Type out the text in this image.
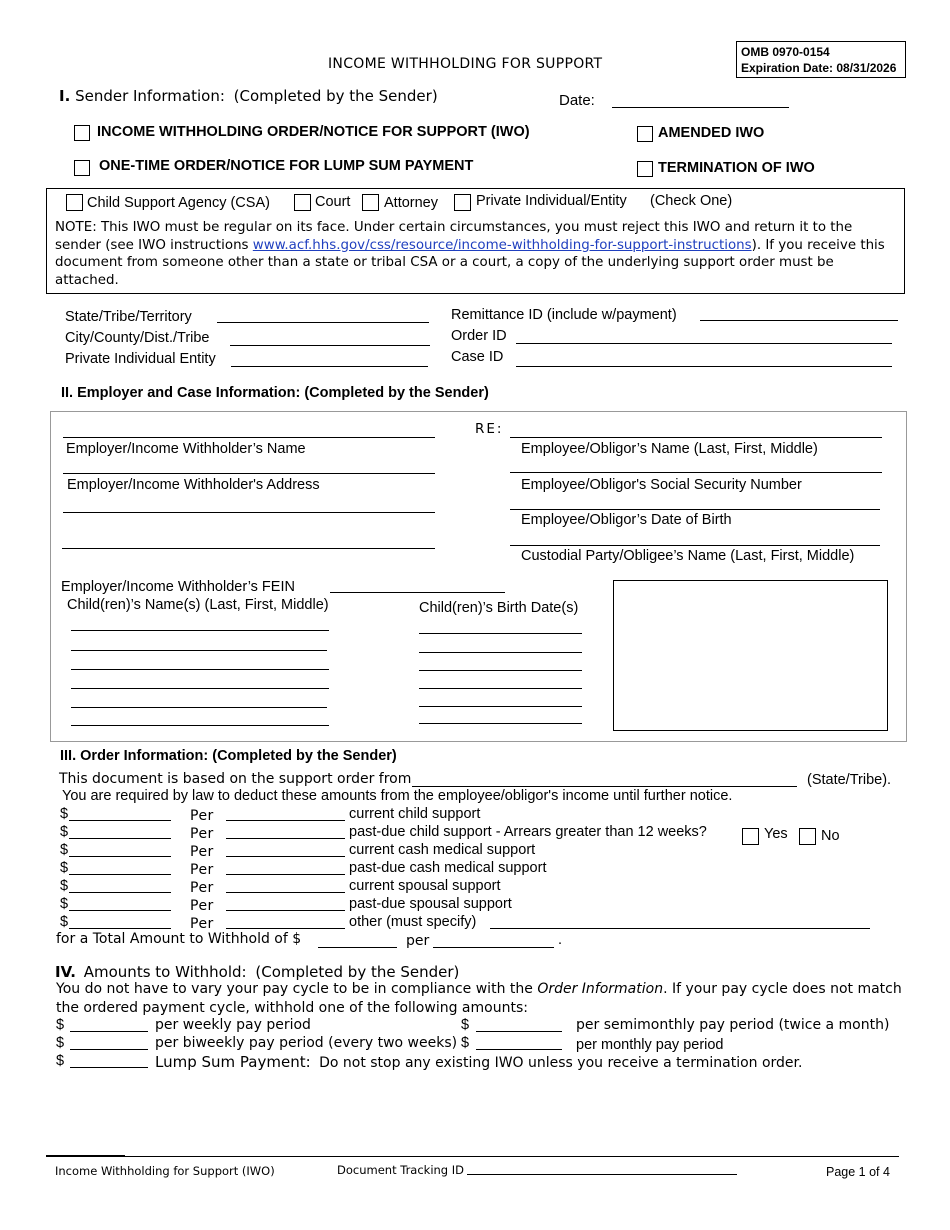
INCOME WITHHOLDING FOR SUPPORT
OMB 0970-0154
Expiration Date: 08/31/2026
I. Sender Information: (Completed by the Sender)	Date:
INCOME WITHHOLDING ORDER/NOTICE FOR SUPPORT (IWO)	AMENDED IWO
ONE-TIME ORDER/NOTICE FOR LUMP SUM PAYMENT	TERMINATION OF IWO
Child Support Agency (CSA)	Court Attorney	Private Individual/Entity (Check One)
NOTE: This IWO must be regular on its face. Under certain circumstances, you must reject this IWO and return it to the sender (see IWO instructions www.acf.hhs.gov/css/resource/income-withholding-for-support-instructions). If you receive this document from someone other than a state or tribal CSA or a court, a copy of the underlying support order must be attached.
State/Tribe/Territory
City/County/Dist./Tribe
Private Individual Entity
Remittance ID (include w/payment)
Order ID
Case ID
II. Employer and Case Information: (Completed by the Sender)
Employer/Income Withholder’s Name
Employer/Income Withholder's Address
RE:
Employee/Obligor’s Name (Last, First, Middle)
Employee/Obligor's Social Security Number
Employee/Obligor’s Date of Birth
Custodial Party/Obligee’s Name (Last, First, Middle)
Employer/Income Withholder’s FEIN
Child(ren)’s Name(s) (Last, First, Middle)	Child(ren)’s Birth Date(s)
III. Order Information: (Completed by the Sender)
This document is based on the support order from	(State/Tribe).
You are required by law to deduct these amounts from the employee/obligor's income until further notice.
$	Per	current child support
$	Per	past-due child support - Arrears greater than 12 weeks?
$	Per	current cash medical support
$	Per	past-due cash medical support
$	Per	current spousal support
$	Per	past-due spousal support
$	Per	other (must specify)
Yes No
for a Total Amount to Withhold of $	per	.
IV. Amounts to Withhold: (Completed by the Sender)
You do not have to vary your pay cycle to be in compliance with the Order Information. If your pay cycle does not match the ordered payment cycle, withhold one of the following amounts:
$	per weekly pay period	$	per semimonthly pay period (twice a month)
$	per biweekly pay period (every two weeks) $	per monthly pay period
$	Lump Sum Payment: Do not stop any existing IWO unless you receive a termination order.
Income Withholding for Support (IWO)	Document Tracking ID	Page 1 of 4
